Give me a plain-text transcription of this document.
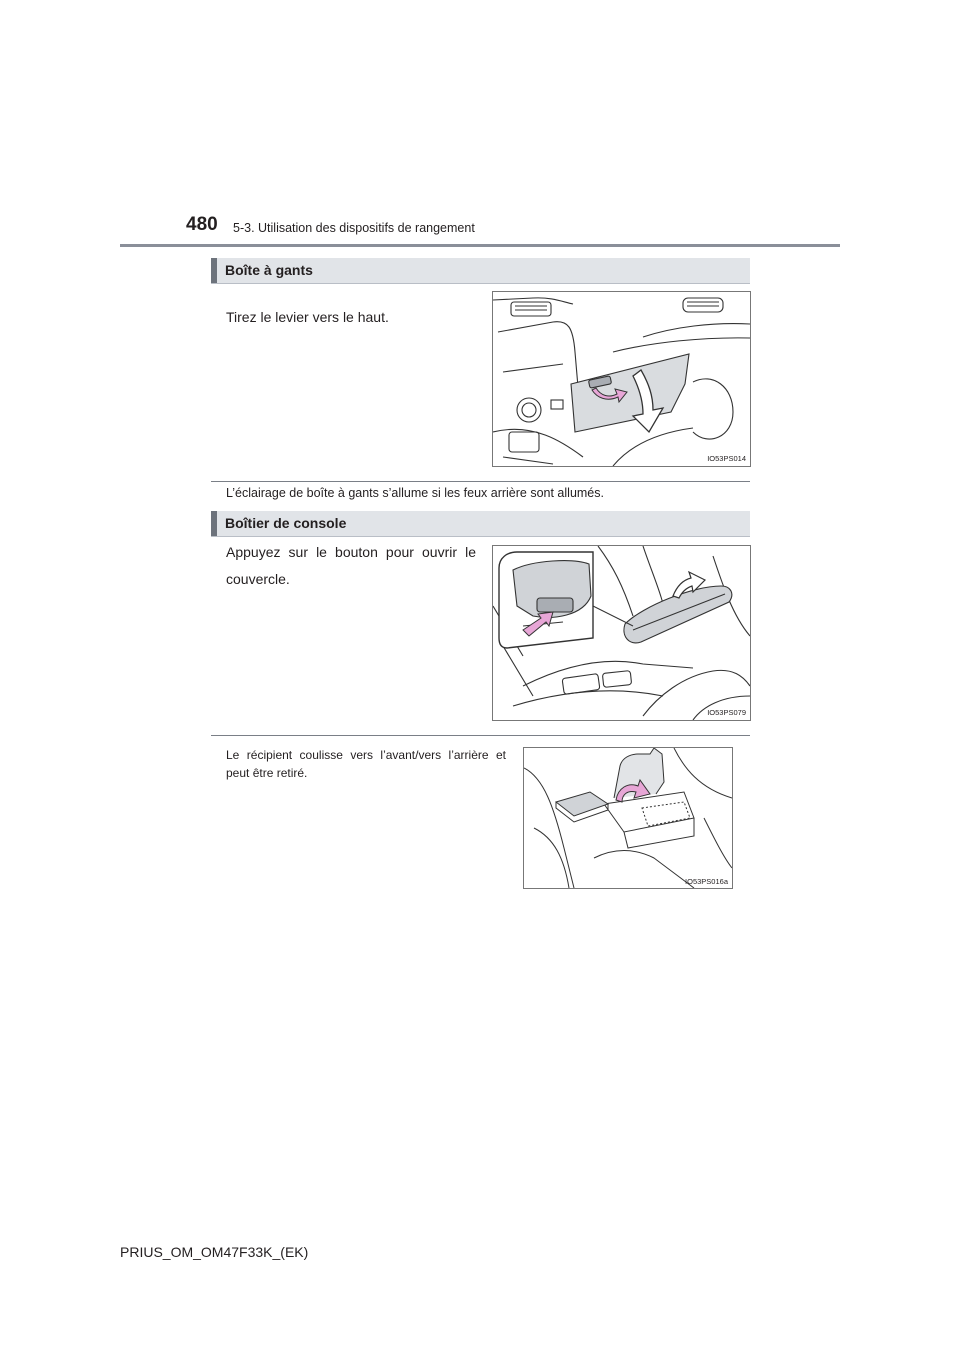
480 5-3. Utilisation des dispositifs de rangement
Boîte à gants
Tirez le levier vers le haut.
IO53PS014
L’éclairage de boîte à gants s’allume si les feux arrière sont allumés.
Boîtier de console
Appuyez sur le bouton pour ouvrir le couvercle.
IO53PS079
Le récipient coulisse vers l’avant/vers l’arrière et peut être retiré.
IO53PS016a
PRIUS_OM_OM47F33K_(EK)
